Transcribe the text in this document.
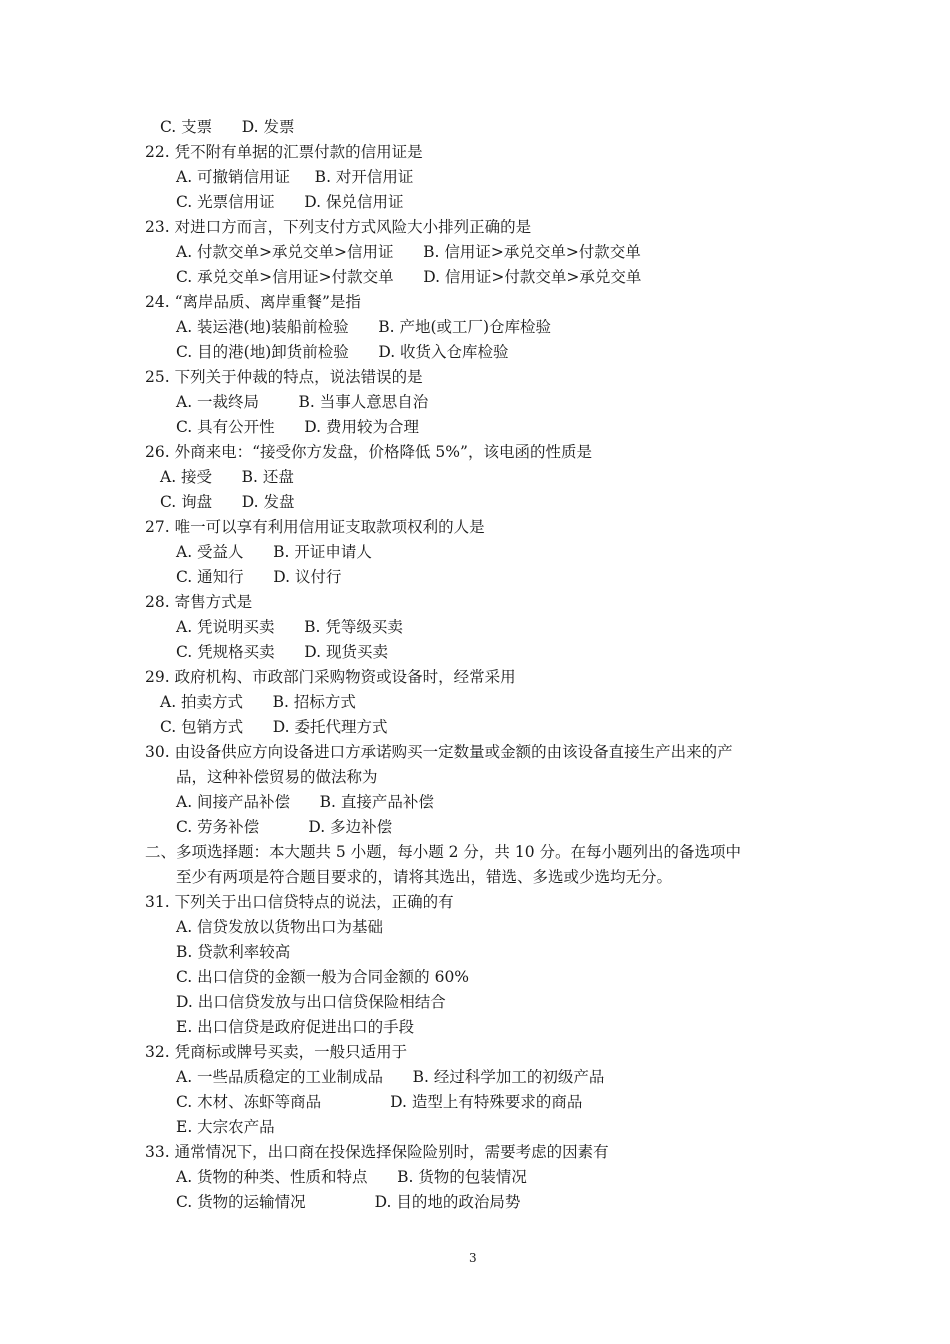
C. 支票      D. 发票
22. 凭不附有单据的汇票付款的信用证是
A. 可撤销信用证     B. 对开信用证
C. 光票信用证      D. 保兑信用证
23. 对进口方而言，下列支付方式风险大小排列正确的是
A. 付款交单>承兑交单>信用证      B. 信用证>承兑交单>付款交单
C. 承兑交单>信用证>付款交单      D. 信用证>付款交单>承兑交单
24. “离岸品质、离岸重餐”是指
A. 装运港(地)装船前检验      B. 产地(或工厂)仓库检验
C. 目的港(地)卸货前检验      D. 收货入仓库检验
25. 下列关于仲裁的特点，说法错误的是
A. 一裁终局        B. 当事人意思自治
C. 具有公开性      D. 费用较为合理
26. 外商来电：“接受你方发盘，价格降低 5%”，该电函的性质是
A. 接受      B. 还盘
C. 询盘      D. 发盘
27. 唯一可以享有利用信用证支取款项权利的人是
A. 受益人      B. 开证申请人
C. 通知行      D. 议付行
28. 寄售方式是
A. 凭说明买卖      B. 凭等级买卖
C. 凭规格买卖      D. 现货买卖
29. 政府机构、市政部门采购物资或设备时，经常采用
A. 拍卖方式      B. 招标方式
C. 包销方式      D. 委托代理方式
30. 由设备供应方向设备进口方承诺购买一定数量或金额的由该设备直接生产出来的产
品，这种补偿贸易的做法称为
A. 间接产品补偿      B. 直接产品补偿
C. 劳务补偿          D. 多边补偿
二、多项选择题：本大题共 5 小题，每小题 2 分，共 10 分。在每小题列出的备选项中
至少有两项是符合题目要求的，请将其选出，错选、多选或少选均无分。
31. 下列关于出口信贷特点的说法，正确的有
A. 信贷发放以货物出口为基础
B. 贷款利率较高
C. 出口信贷的金额一般为合同金额的 60%
D. 出口信贷发放与出口信贷保险相结合
E. 出口信贷是政府促进出口的手段
32. 凭商标或牌号买卖，一般只适用于
A. 一些品质稳定的工业制成品      B. 经过科学加工的初级产品
C. 木材、冻虾等商品              D. 造型上有特殊要求的商品
E. 大宗农产品
33. 通常情况下，出口商在投保选择保险险别时，需要考虑的因素有
A. 货物的种类、性质和特点      B. 货物的包装情况
C. 货物的运输情况              D. 目的地的政治局势
3
